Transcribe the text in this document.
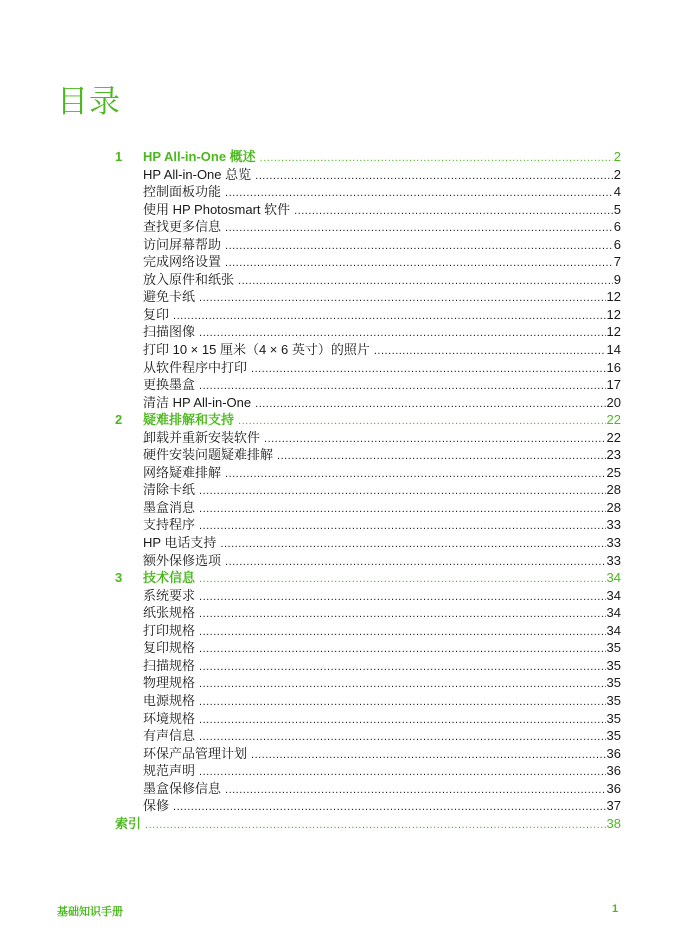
目录
1	HP All-in-One 概述 .....	2
HP All-in-One 总览 .....	2
控制面板功能 .....	4
使用 HP Photosmart 软件 .....	5
查找更多信息 .....	6
访问屏幕帮助 .....	6
完成网络设置 .....	7
放入原件和纸张 .....	9
避免卡纸 .....	12
复印 .....	12
扫描图像 .....	12
打印 10 × 15 厘米（4 × 6 英寸）的照片 .....	14
从软件程序中打印 .....	16
更换墨盒 .....	17
清洁 HP All-in-One .....	20
2	疑难排解和支持 .....	22
卸载并重新安装软件 .....	22
硬件安装问题疑难排解 .....	23
网络疑难排解 .....	25
清除卡纸 .....	28
墨盒消息 .....	28
支持程序 .....	33
HP 电话支持 .....	33
额外保修选项 .....	33
3	技术信息 .....	34
系统要求 .....	34
纸张规格 .....	34
打印规格 .....	34
复印规格 .....	35
扫描规格 .....	35
物理规格 .....	35
电源规格 .....	35
环境规格 .....	35
有声信息 .....	35
环保产品管理计划 .....	36
规范声明 .....	36
墨盒保修信息 .....	36
保修 .....	37
索引 .....	38
基础知识手册	1
